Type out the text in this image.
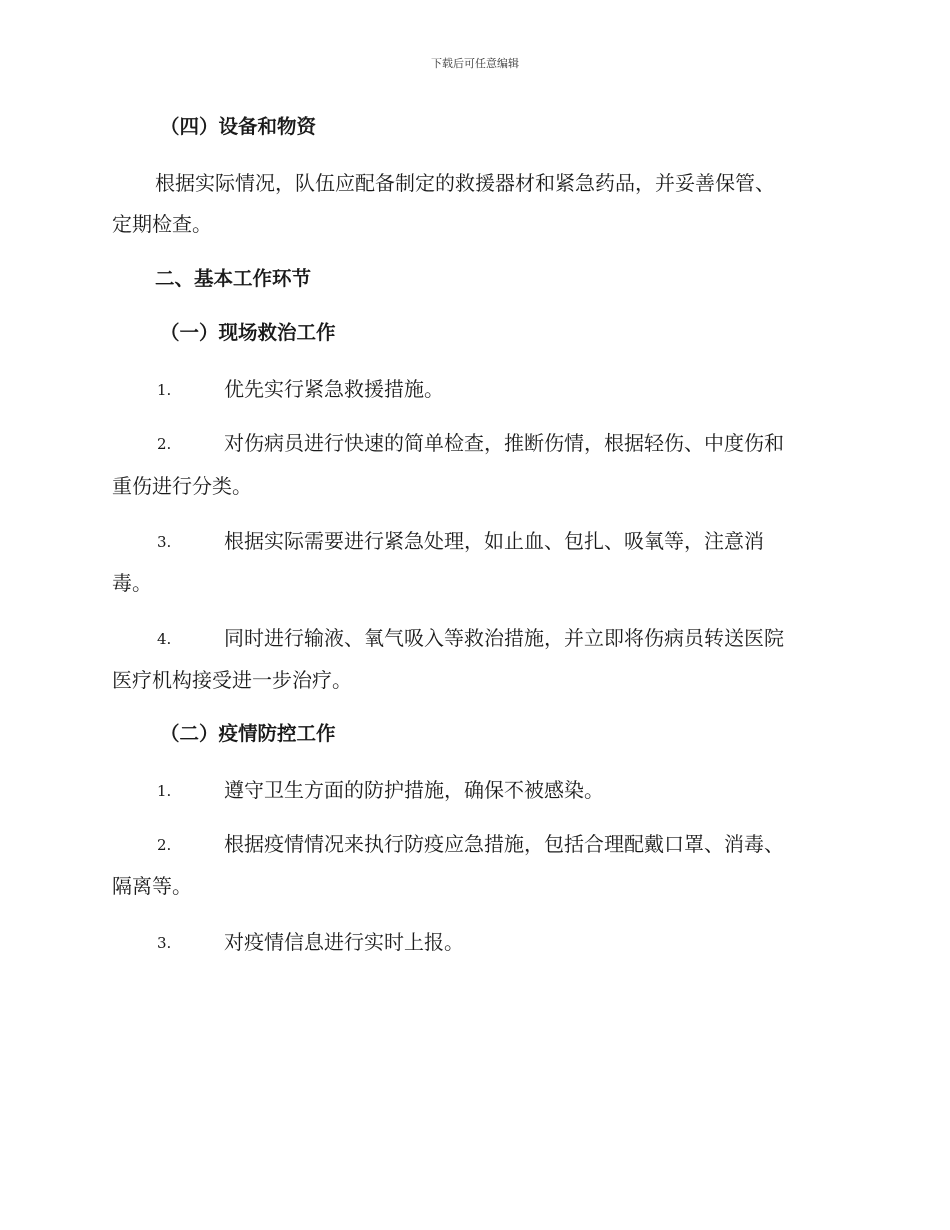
下载后可任意编辑
（四）设备和物资
根据实际情况，队伍应配备制定的救援器材和紧急药品，并妥善保管、
定期检查。
二、基本工作环节
（一）现场救治工作
1.	优先实行紧急救援措施。
2.	对伤病员进行快速的简单检查，推断伤情，根据轻伤、中度伤和
重伤进行分类。
3.	根据实际需要进行紧急处理，如止血、包扎、吸氧等，注意消
毒。
4.	同时进行输液、氧气吸入等救治措施，并立即将伤病员转送医院
医疗机构接受进一步治疗。
（二）疫情防控工作
1.	遵守卫生方面的防护措施，确保不被感染。
2.	根据疫情情况来执行防疫应急措施，包括合理配戴口罩、消毒、
隔离等。
3.	对疫情信息进行实时上报。
